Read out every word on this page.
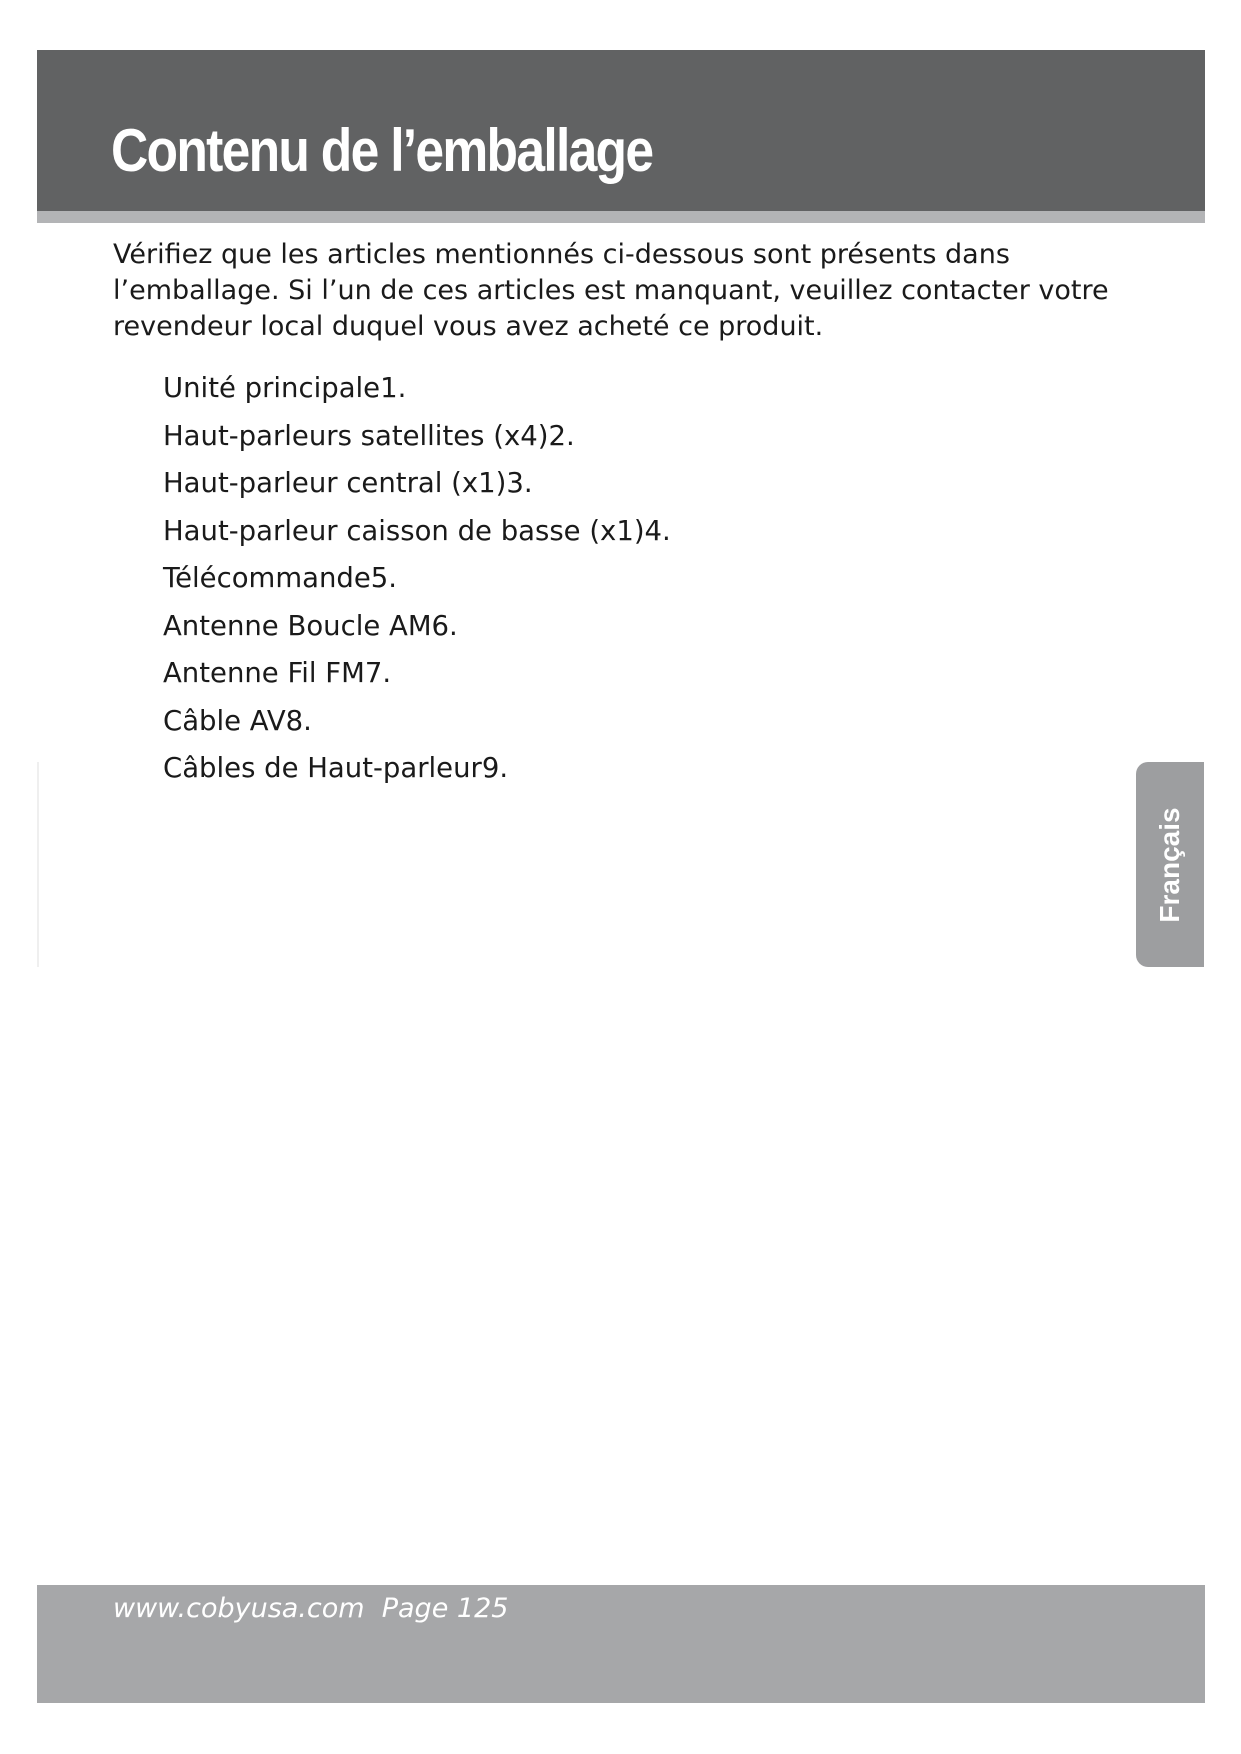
Contenu de l’emballage

Vérifiez que les articles mentionnés ci-dessous sont présents dans l’emballage. Si l’un de ces articles est manquant, veuillez contacter votre revendeur local duquel vous avez acheté ce produit.

Unité principale1.
Haut-parleurs satellites (x4)2.
Haut-parleur central (x1)3.
Haut-parleur caisson de basse (x1)4.
Télécommande5.
Antenne Boucle AM6.
Antenne Fil FM7.
Câble AV8.
Câbles de Haut-parleur9.
Français
www.cobyusa.com Page 125
